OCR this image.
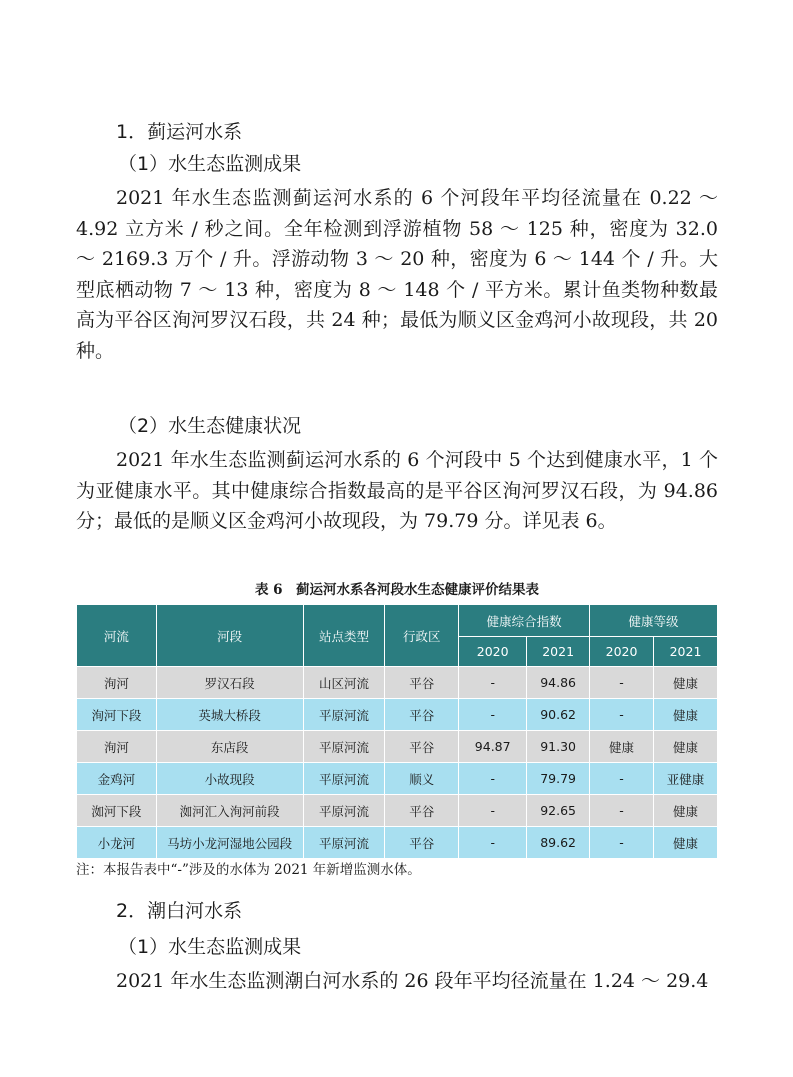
1．蓟运河水系
（1）水生态监测成果

2021 年水生态监测蓟运河水系的 6 个河段年平均径流量在 0.22 ～ 4.92 立方米 / 秒之间。全年检测到浮游植物 58 ～ 125 种，密度为 32.0 ～ 2169.3 万个 / 升。浮游动物 3 ～ 20 种，密度为 6 ～ 144 个 / 升。大型底栖动物 7 ～ 13 种，密度为 8 ～ 148 个 / 平方米。累计鱼类物种数最高为平谷区洵河罗汉石段，共 24 种；最低为顺义区金鸡河小故现段，共 20 种。

（2）水生态健康状况

2021 年水生态监测蓟运河水系的 6 个河段中 5 个达到健康水平，1 个为亚健康水平。其中健康综合指数最高的是平谷区洵河罗汉石段，为 94.86 分；最低的是顺义区金鸡河小故现段，为 79.79 分。详见表 6。

表 6　蓟运河水系各河段水生态健康评价结果表
河流	河段	站点类型	行政区	健康综合指数		健康等级	
				2020	2021	2020	2021
洵河	罗汉石段	山区河流	平谷	-	94.86	-	健康
洵河下段	英城大桥段	平原河流	平谷	-	90.62	-	健康
洵河	东店段	平原河流	平谷	94.87	91.30	健康	健康
金鸡河	小故现段	平原河流	顺义	-	79.79	-	亚健康
洳河下段	洳河汇入洵河前段	平原河流	平谷	-	92.65	-	健康
小龙河	马坊小龙河湿地公园段	平原河流	平谷	-	89.62	-	健康
注：本报告表中“-”涉及的水体为 2021 年新增监测水体。
2．潮白河水系
（1）水生态监测成果

2021 年水生态监测潮白河水系的 26 段年平均径流量在 1.24 ～ 29.4
